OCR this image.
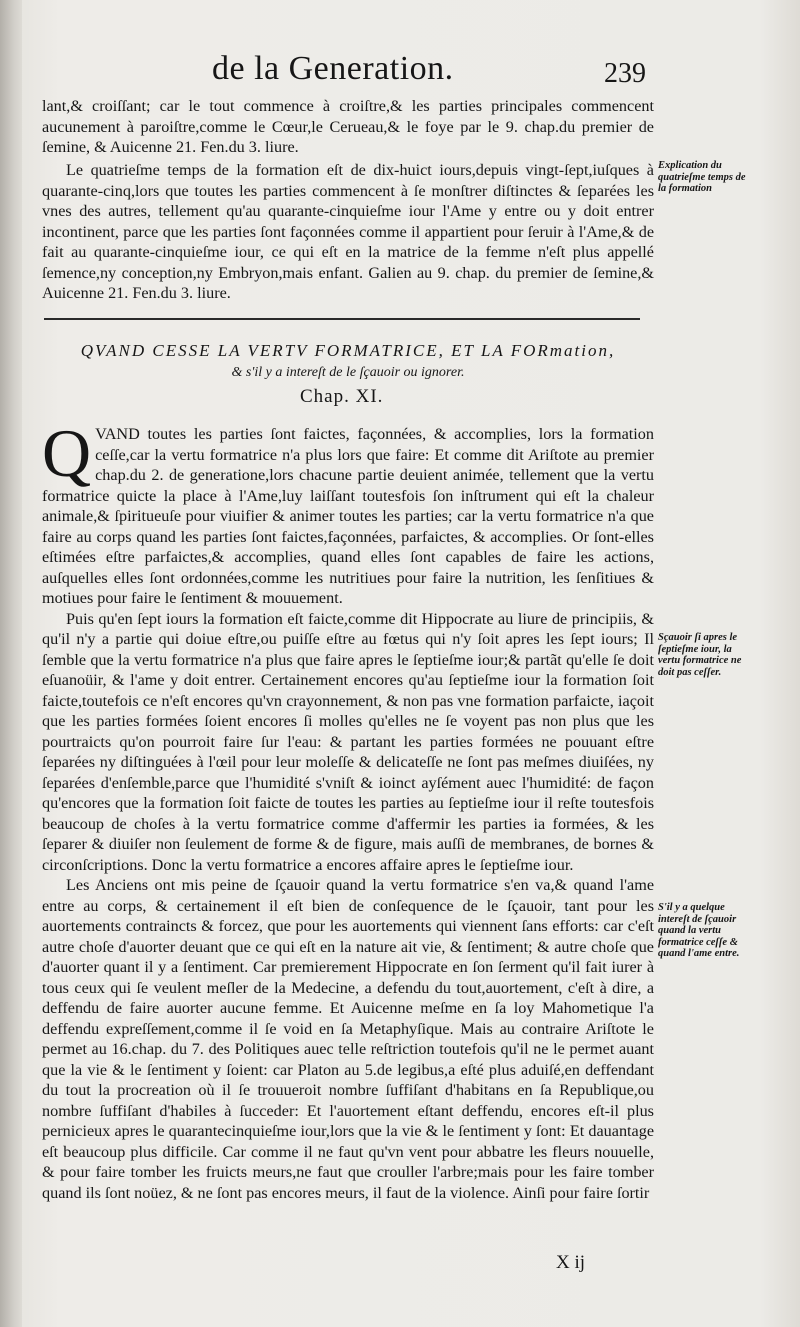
de la Generation.	239

lant,& croiſſant; car le tout commence à croiſtre,& les parties principales commencent aucunement à paroiſtre,comme le Cœur,le Cerueau,& le foye par le 9. chap.du premier de ſemine, & Auicenne 21. Fen.du 3. liure.

Le quatrieſme temps de la formation eſt de dix-huict iours,depuis vingt-ſept,iuſques à quarante-cinq,lors que toutes les parties commencent à ſe monſtrer diſtinctes & ſeparées les vnes des autres, tellement qu'au quarante-cinquieſme iour l'Ame y entre ou y doit entrer incontinent, parce que les parties ſont façonnées comme il appartient pour ſeruir à l'Ame,& de fait au quarante-cinquieſme iour, ce qui eſt en la matrice de la femme n'eſt plus appellé ſemence,ny conception,ny Embryon,mais enfant. Galien au 9. chap. du premier de ſemine,& Auicenne 21. Fen.du 3. liure.

Explication du quatrieſme temps de la formation
QVAND CESSE LA VERTV FORMATRICE, ET LA FORmation,
& s'il y a intereſt de le ſçauoir ou ignorer.
Chap. XI.
Q VAND toutes les parties ſont faictes, façonnées, & accomplies, lors la formation ceſſe,car la vertu formatrice n'a plus lors que faire: Et comme dit Ariſtote au premier chap.du 2. de generatione,lors chacune partie deuient animée, tellement que la vertu formatrice quicte la place à l'Ame,luy laiſſant toutesfois ſon inſtrument qui eſt la chaleur animale,& ſpiritueuſe pour viuifier & animer toutes les parties; car la vertu formatrice n'a que faire au corps quand les parties ſont faictes,façonnées, parfaictes, & accomplies. Or ſont-elles eſtimées eſtre parfaictes,& accomplies, quand elles ſont capables de faire les actions, auſquelles elles ſont ordonnées,comme les nutritiues pour faire la nutrition, les ſenſitiues & motiues pour faire le ſentiment & mouuement.

Puis qu'en ſept iours la formation eſt faicte,comme dit Hippocrate au liure de principiis, & qu'il n'y a partie qui doiue eſtre,ou puiſſe eſtre au fœtus qui n'y ſoit apres les ſept iours; Il ſemble que la vertu formatrice n'a plus que faire apres le ſeptieſme iour;& partãt qu'elle ſe doit eſuanoüir, & l'ame y doit entrer. Certainement encores qu'au ſeptieſme iour la formation ſoit faicte,toutefois ce n'eſt encores qu'vn crayonnement, & non pas vne formation parfaicte, iaçoit que les parties formées ſoient encores ſi molles qu'elles ne ſe voyent pas non plus que les pourtraicts qu'on pourroit faire ſur l'eau: & partant les parties formées ne pouuant eſtre ſeparées ny diſtinguées à l'œil pour leur moleſſe & delicateſſe ne ſont pas meſmes diuiſées, ny ſeparées d'enſemble,parce que l'humidité s'vniſt & ioinct ayſément auec l'humidité: de façon qu'encores que la formation ſoit faicte de toutes les parties au ſeptieſme iour il reſte toutesfois beaucoup de choſes à la vertu formatrice comme d'affermir les parties ia formées, & les ſeparer & diuiſer non ſeulement de forme & de figure, mais auſſi de membranes, de bornes & circonſcriptions. Donc la vertu formatrice a encores affaire apres le ſeptieſme iour.

Les Anciens ont mis peine de ſçauoir quand la vertu formatrice s'en va,& quand l'ame entre au corps, & certainement il eſt bien de conſequence de le ſçauoir, tant pour les auortements contraincts & forcez, que pour les auortements qui viennent ſans efforts: car c'eſt autre choſe d'auorter deuant que ce qui eſt en la nature ait vie, & ſentiment; & autre choſe que d'auorter quant il y a ſentiment. Car premierement Hippocrate en ſon ſerment qu'il fait iurer à tous ceux qui ſe veulent meſler de la Medecine, a defendu du tout,auortement, c'eſt à dire, a deffendu de faire auorter aucune femme. Et Auicenne meſme en ſa loy Mahometique l'a deffendu expreſſement,comme il ſe void en ſa Metaphyſique. Mais au contraire Ariſtote le permet au 16.chap. du 7. des Politiques auec telle reſtriction toutefois qu'il ne le permet auant que la vie & le ſentiment y ſoient: car Platon au 5.de legibus,a eſté plus aduiſé,en deffendant du tout la procreation où il ſe trouueroit nombre ſuffiſant d'habitans en ſa Republique,ou nombre ſuffiſant d'habiles à ſucceder: Et l'auortement eſtant deffendu, encores eſt-il plus pernicieux apres le quarantecinquieſme iour,lors que la vie & le ſentiment y ſont: Et dauantage eſt beaucoup plus difficile. Car comme il ne faut qu'vn vent pour abbatre les fleurs nouuelle, & pour faire tomber les fruicts meurs,ne faut que crouller l'arbre;mais pour les faire tomber quand ils ſont noüez, & ne ſont pas encores meurs, il faut de la violence. Ainſi pour faire ſortir

Sçauoir ſi apres le ſeptieſme iour, la vertu formatrice ne doit pas ceſſer.
S'il y a quelque intereſt de ſçauoir quand la vertu formatrice ceſſe & quand l'ame entre.
X ij
